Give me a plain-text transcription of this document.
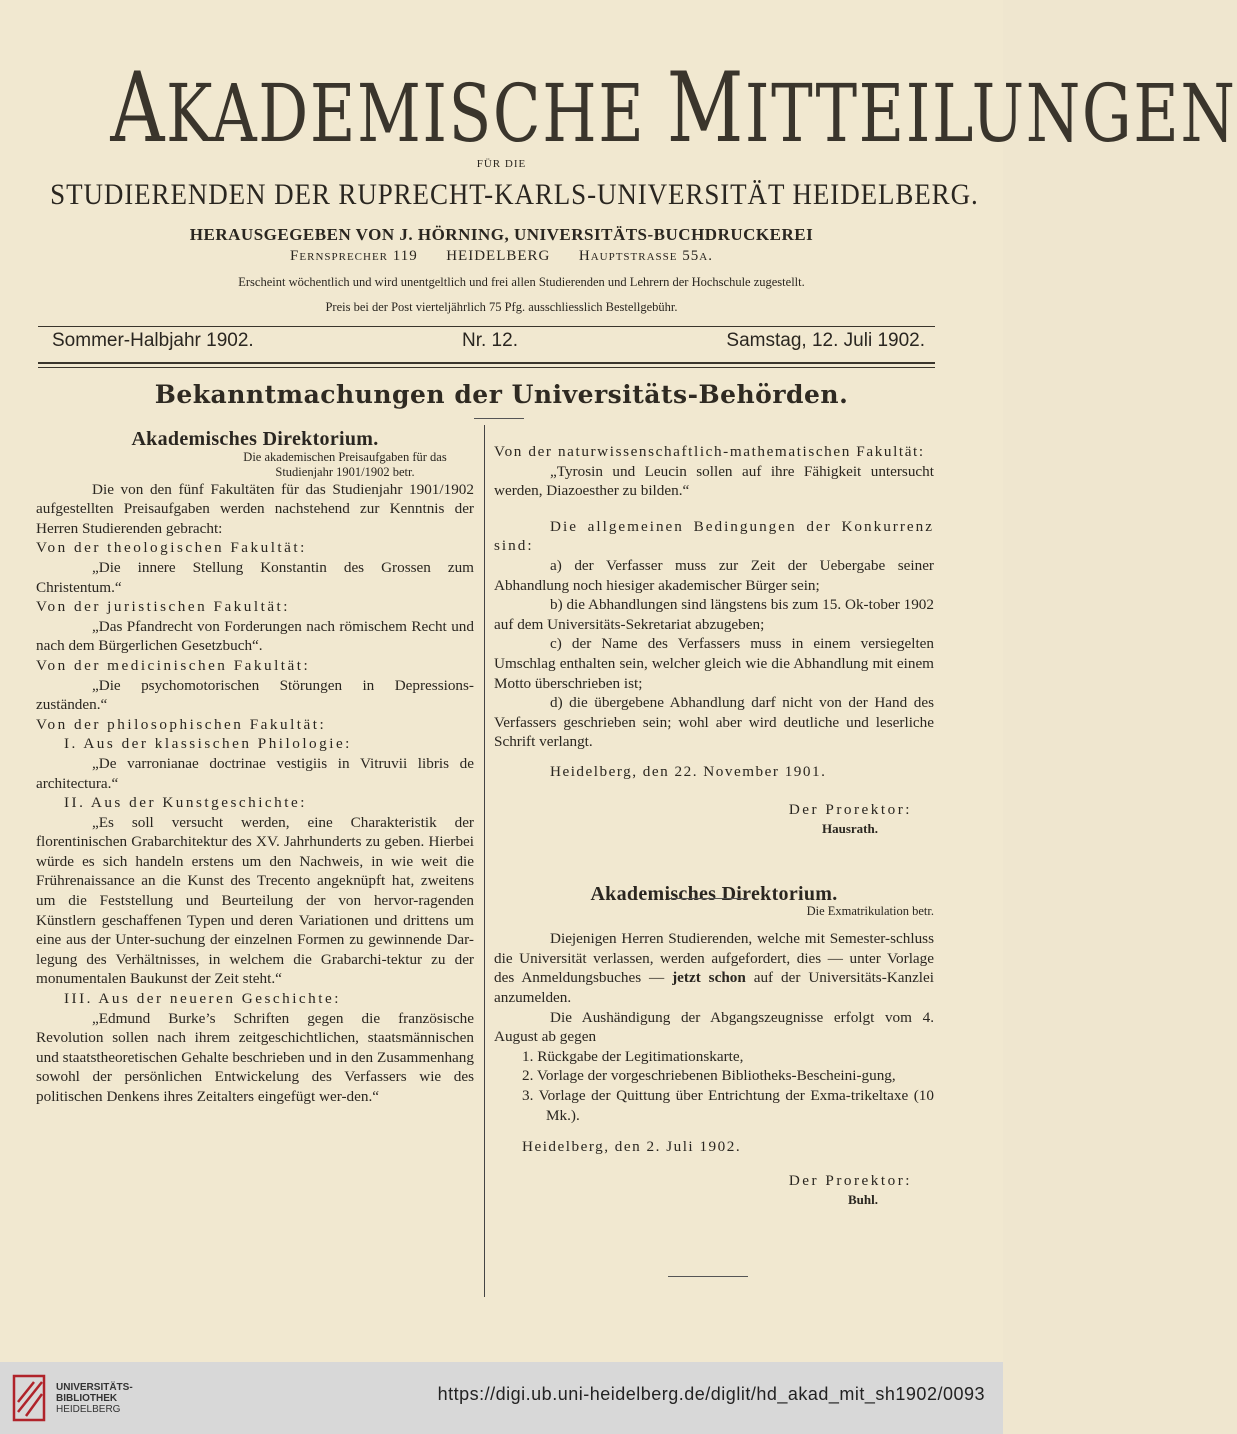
AKADEMISCHE MITTEILUNGEN
FÜR DIE
STUDIERENDEN DER RUPRECHT-KARLS-UNIVERSITÄT HEIDELBERG.
HERAUSGEGEBEN VON J. HÖRNING, UNIVERSITÄTS-BUCHDRUCKEREI
Fernsprecher 119 HEIDELBERG Hauptstrasse 55a.
Erscheint wöchentlich und wird unentgeltlich und frei allen Studierenden und Lehrern der Hochschule zugestellt.
Preis bei der Post vierteljährlich 75 Pfg. ausschliesslich Bestellgebühr.
Sommer-Halbjahr 1902.	Nr. 12.	Samstag, 12. Juli 1902.
Bekanntmachungen der Universitäts-Behörden.

Akademisches Direktorium.

Die akademischen Preisaufgaben für das Studienjahr 1901/1902 betr.

Die von den fünf Fakultäten für das Studienjahr 1901/1902 aufgestellten Preisaufgaben werden nachstehend zur Kenntnis der Herren Studierenden gebracht:

Von der theologischen Fakultät:

„Die innere Stellung Konstantin des Grossen zum Christentum.“

Von der juristischen Fakultät:

„Das Pfandrecht von Forderungen nach römischem Recht und nach dem Bürgerlichen Gesetzbuch“.

Von der medicinischen Fakultät:

„Die psychomotorischen Störungen in Depressions-zuständen.“

Von der philosophischen Fakultät:

I. Aus der klassischen Philologie:

„De varronianae doctrinae vestigiis in Vitruvii libris de architectura.“

II. Aus der Kunstgeschichte:

„Es soll versucht werden, eine Charakteristik der florentinischen Grabarchitektur des XV. Jahrhunderts zu geben. Hierbei würde es sich handeln erstens um den Nachweis, in wie weit die Frührenaissance an die Kunst des Trecento angeknüpft hat, zweitens um die Feststellung und Beurteilung der von hervor-ragenden Künstlern geschaffenen Typen und deren Variationen und drittens um eine aus der Unter-suchung der einzelnen Formen zu gewinnende Dar-legung des Verhältnisses, in welchem die Grabarchi-tektur zu der monumentalen Baukunst der Zeit steht.“

III. Aus der neueren Geschichte:

„Edmund Burke’s Schriften gegen die französische Revolution sollen nach ihrem zeitgeschichtlichen, staatsmännischen und staatstheoretischen Gehalte beschrieben und in den Zusammenhang sowohl der persönlichen Entwickelung des Verfassers wie des politischen Denkens ihres Zeitalters eingefügt wer-den.“

Von der naturwissenschaftlich-mathematischen Fakultät:

„Tyrosin und Leucin sollen auf ihre Fähigkeit untersucht werden, Diazoesther zu bilden.“

Die allgemeinen Bedingungen der Konkurrenz sind:

a) der Verfasser muss zur Zeit der Uebergabe seiner Abhandlung noch hiesiger akademischer Bürger sein;

b) die Abhandlungen sind längstens bis zum 15. Ok-tober 1902 auf dem Universitäts-Sekretariat abzugeben;

c) der Name des Verfassers muss in einem versiegelten Umschlag enthalten sein, welcher gleich wie die Abhandlung mit einem Motto überschrieben ist;

d) die übergebene Abhandlung darf nicht von der Hand des Verfassers geschrieben sein; wohl aber wird deutliche und leserliche Schrift verlangt.

Heidelberg, den 22. November 1901.

Der Prorektor:

Hausrath.

Akademisches Direktorium.

Die Exmatrikulation betr.

Diejenigen Herren Studierenden, welche mit Semester-schluss die Universität verlassen, werden aufgefordert, dies — unter Vorlage des Anmeldungsbuches — jetzt schon auf der Universitäts-Kanzlei anzumelden.

Die Aushändigung der Abgangszeugnisse erfolgt vom 4. August ab gegen

1. Rückgabe der Legitimationskarte,

2. Vorlage der vorgeschriebenen Bibliotheks-Bescheini-gung,

3. Vorlage der Quittung über Entrichtung der Exma-trikeltaxe (10 Mk.).

Heidelberg, den 2. Juli 1902.

Der Prorektor:

Buhl.

UNIVERSITÄTS-
BIBLIOTHEK
HEIDELBERG
https://digi.ub.uni-heidelberg.de/diglit/hd_akad_mit_sh1902/0093
